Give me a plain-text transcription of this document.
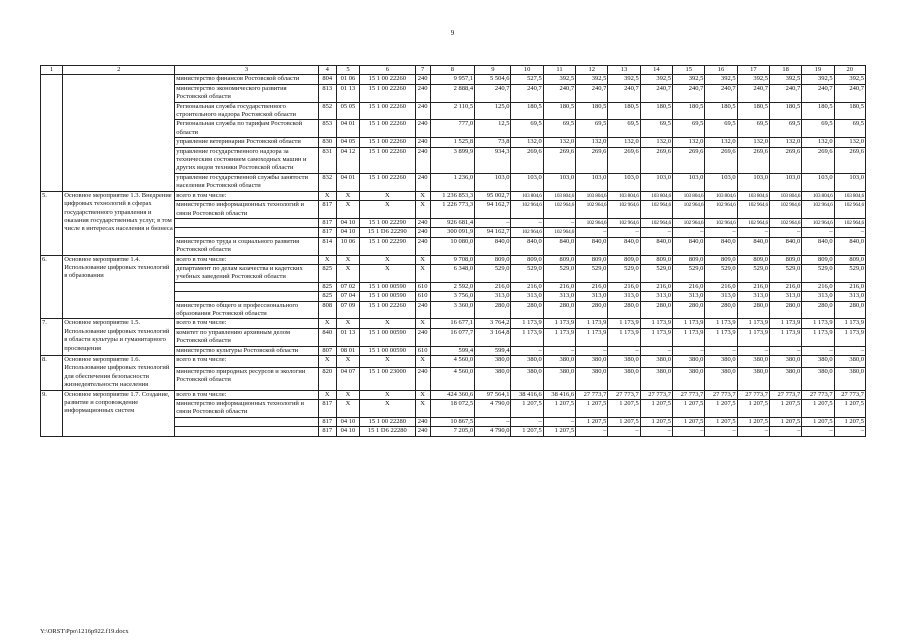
9
1	2	3	4	5	6	7	8	9	10	11	12	13	14	15	16	17	18	19	20
		министерство финансов Ростовской области	804	01 06	15 1 00 22260	240	9 957,1	5 504,6	527,5	392,5	392,5	392,5	392,5	392,5	392,5	392,5	392,5	392,5	392,5
		министерство экономического развития Ростовской области	813	01 13	15 1 00 22260	240	2 888,4	240,7	240,7	240,7	240,7	240,7	240,7	240,7	240,7	240,7	240,7	240,7	240,7
		Региональная служба государственного строительного надзора Ростовской области	852	05 05	15 1 00 22260	240	2 110,5	125,0	180,5	180,5	180,5	180,5	180,5	180,5	180,5	180,5	180,5	180,5	180,5
		Региональная служба по тарифам Ростовской области	853	04 01	15 1 00 22260	240	777,0	12,5	69,5	69,5	69,5	69,5	69,5	69,5	69,5	69,5	69,5	69,5	69,5
		управление ветеринарии Ростовской области	830	04 05	15 1 00 22260	240	1 525,8	73,8	132,0	132,0	132,0	132,0	132,0	132,0	132,0	132,0	132,0	132,0	132,0
		управление государственного надзора за техническим состоянием самоходных машин и других видов техники Ростовской области	831	04 12	15 1 00 22260	240	3 899,9	934,3	269,6	269,6	269,6	269,6	269,6	269,6	269,6	269,6	269,6	269,6	269,6
		управление государственной службы занятости населения Ростовской области	832	04 01	15 1 00 22260	240	1 236,0	103,0	103,0	103,0	103,0	103,0	103,0	103,0	103,0	103,0	103,0	103,0	103,0
5.	Основное мероприятие 1.3. Внедрение цифровых технологий в сферах государственного управления и оказания государственных услуг, в том числе в интересах населения и бизнеса	всего в том числе:	X	X	X	X	1 236 853,3	95 002,7	103 804,6	103 804,6	103 804,6	103 804,6	103 804,6	103 804,6	103 804,6	103 804,6	103 804,6	103 804,6	103 804,6
		министерство информационных технологий и связи Ростовской области	817	X	X	X	1 226 773,3	94 162,7	102 964,6	102 964,6	102 964,6	102 964,6	102 964,6	102 964,6	102 964,6	102 964,6	102 964,6	102 964,6	102 964,6
			817	04 10	15 1 00 22290	240	926 681,4	–	–	–	102 964,6	102 964,6	102 964,6	102 964,6	102 964,6	102 964,6	102 964,6	102 964,6	102 964,6
			817	04 10	15 1 D6 22290	240	300 091,9	94 162,7	102 964,6	102 964,6	–	–	–	–	–	–	–	–	–
		министерство труда и социального развития Ростовской области	814	10 06	15 1 00 22290	240	10 080,0	840,0	840,0	840,0	840,0	840,0	840,0	840,0	840,0	840,0	840,0	840,0	840,0
6.	Основное мероприятие 1.4. Использование цифровых технологий в образовании	всего в том числе:	X	X	X	X	9 708,0	809,0	809,0	809,0	809,0	809,0	809,0	809,0	809,0	809,0	809,0	809,0	809,0
		департамент по делам казачества и кадетских учебных заведений Ростовской области	825	X	X	X	6 348,0	529,0	529,0	529,0	529,0	529,0	529,0	529,0	529,0	529,0	529,0	529,0	529,0
			825	07 02	15 1 00 00590	610	2 592,0	216,0	216,0	216,0	216,0	216,0	216,0	216,0	216,0	216,0	216,0	216,0	216,0
			825	07 04	15 1 00 00590	610	3 756,0	313,0	313,0	313,0	313,0	313,0	313,0	313,0	313,0	313,0	313,0	313,0	313,0
		министерство общего и профессионального образования Ростовской области	808	07 09	15 1 00 22260	240	3 360,0	280,0	280,0	280,0	280,0	280,0	280,0	280,0	280,0	280,0	280,0	280,0	280,0
7.	Основное мероприятие 1.5. Использование цифровых технологий в области культуры и гуманитарного просвещения	всего в том числе:	X	X	X	X	16 677,1	3 764,2	1 173,9	1 173,9	1 173,9	1 173,9	1 173,9	1 173,9	1 173,9	1 173,9	1 173,9	1 173,9	1 173,9
		комитет по управлению архивным делом Ростовской области	840	01 13	15 1 00 00590	240	16 077,7	3 164,8	1 173,9	1 173,9	1 173,9	1 173,9	1 173,9	1 173,9	1 173,9	1 173,9	1 173,9	1 173,9	1 173,9
		министерство культуры Ростовской области	807	08 01	15 1 00 00590	610	599,4	599,4	–	–	–	–	–	–	–	–	–	–	–
8.	Основное мероприятие 1.6. Использование цифровых технологий для обеспечения безопасности жизнедеятельности населения	всего в том числе:	X	X	X	X	4 560,0	380,0	380,0	380,0	380,0	380,0	380,0	380,0	380,0	380,0	380,0	380,0	380,0
		министерство природных ресурсов и экологии Ростовской области	820	04 07	15 1 00 23000	240	4 560,0	380,0	380,0	380,0	380,0	380,0	380,0	380,0	380,0	380,0	380,0	380,0	380,0
9.	Основное мероприятие 1.7. Создание, развитие и сопровождение информационных систем	всего в том числе:	X	X	X	X	424 360,6	97 564,1	38 416,6	38 416,6	27 773,7	27 773,7	27 773,7	27 773,7	27 773,7	27 773,7	27 773,7	27 773,7	27 773,7
		министерство информационных технологий и связи Ростовской области	817	X	X	X	18 072,5	4 790,0	1 207,5	1 207,5	1 207,5	1 207,5	1 207,5	1 207,5	1 207,5	1 207,5	1 207,5	1 207,5	1 207,5
			817	04 10	15 1 00 22280	240	10 867,5	–	–	–	1 207,5	1 207,5	1 207,5	1 207,5	1 207,5	1 207,5	1 207,5	1 207,5	1 207,5
			817	04 10	15 1 D6 22280	240	7 205,0	4 790,0	1 207,5	1 207,5	–	–	–	–	–	–	–	–	–
Y:\ORST\Ppo\1216p922.f19.docx
